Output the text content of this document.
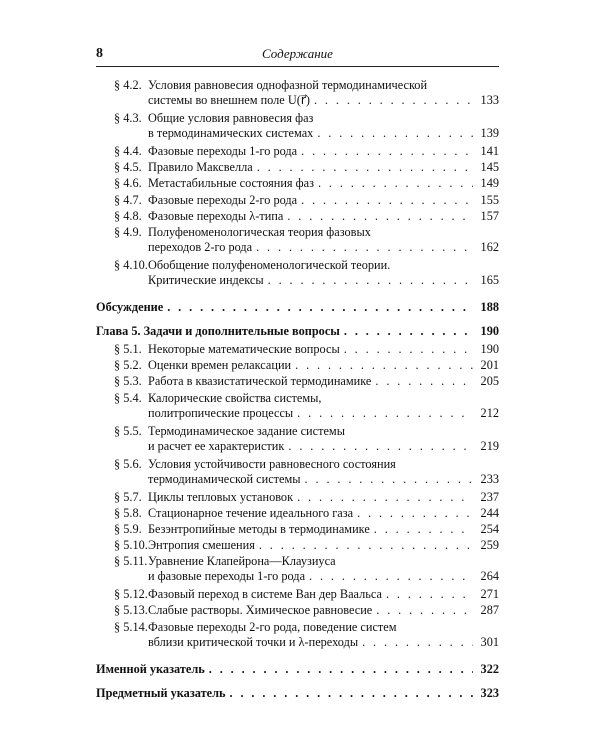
8	Содержание
§ 4.2. Условия равновесия однофазной термодинамической
системы во внешнем поле U(r⃗) . . .	133
§ 4.3. Общие условия равновесия фаз
в термодинамических системах . . .	139
§ 4.4. Фазовые переходы 1-го рода . . .	141
§ 4.5. Правило Максвелла . . .	145
§ 4.6. Метастабильные состояния фаз . . .	149
§ 4.7. Фазовые переходы 2-го рода . . .	155
§ 4.8. Фазовые переходы λ-типа . . .	157
§ 4.9. Полуфеноменологическая теория фазовых
переходов 2-го рода . . .	162
§ 4.10. Обобщение полуфеноменологической теории.
Критические индексы . . .	165
Обсуждение . . .	188
Глава 5. Задачи и дополнительные вопросы . . .	190
§ 5.1. Некоторые математические вопросы . . .	190
§ 5.2. Оценки времен релаксации . . .	201
§ 5.3. Работа в квазистатической термодинамике . . .	205
§ 5.4. Калорические свойства системы,
политропические процессы . . .	212
§ 5.5. Термодинамическое задание системы
и расчет ее характеристик . . .	219
§ 5.6. Условия устойчивости равновесного состояния
термодинамической системы . . .	233
§ 5.7. Циклы тепловых установок . . .	237
§ 5.8. Стационарное течение идеального газа . . .	244
§ 5.9. Безэнтропийные методы в термодинамике . . .	254
§ 5.10. Энтропия смешения . . .	259
§ 5.11. Уравнение Клапейрона—Клаузиуса
и фазовые переходы 1-го рода . . .	264
§ 5.12. Фазовый переход в системе Ван дер Ваальса . . .	271
§ 5.13. Слабые растворы. Химическое равновесие . . .	287
§ 5.14. Фазовые переходы 2-го рода, поведение систем
вблизи критической точки и λ-переходы . . .	301
Именной указатель . . .	322
Предметный указатель . . .	323
